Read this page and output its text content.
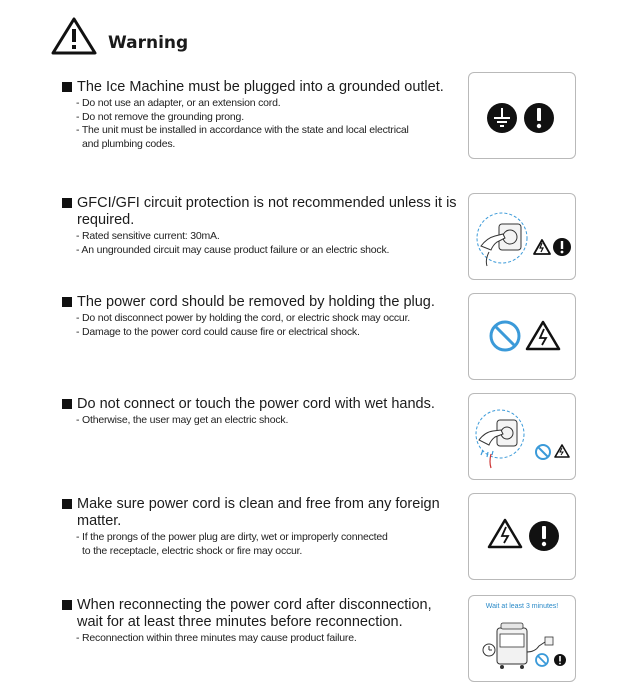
Warning
The Ice Machine must be plugged into a grounded outlet.
- Do not use an adapter, or an extension cord.
- Do not remove the grounding prong.
- The unit must be installed in accordance with the state and local electrical
and plumbing codes.
GFCI/GFI circuit protection is not recommended unless it is
required.
- Rated sensitive current: 30mA.
- An ungrounded circuit may cause product failure or an electric shock.
The power cord should be removed by holding the plug.
- Do not disconnect power by holding the cord, or electric shock may occur.
- Damage to the power cord could cause fire or electrical shock.
Do not connect or touch the power cord with wet hands.
- Otherwise, the user may get an electric shock.
Make sure power cord is clean and free from any foreign
matter.
- If the prongs of the power plug are dirty, wet or improperly connected
to the receptacle, electric shock or fire may occur.
When reconnecting the power cord after disconnection,
wait for at least three minutes before reconnection.
- Reconnection within three minutes may cause product failure.
Wait at least 3 minutes!
